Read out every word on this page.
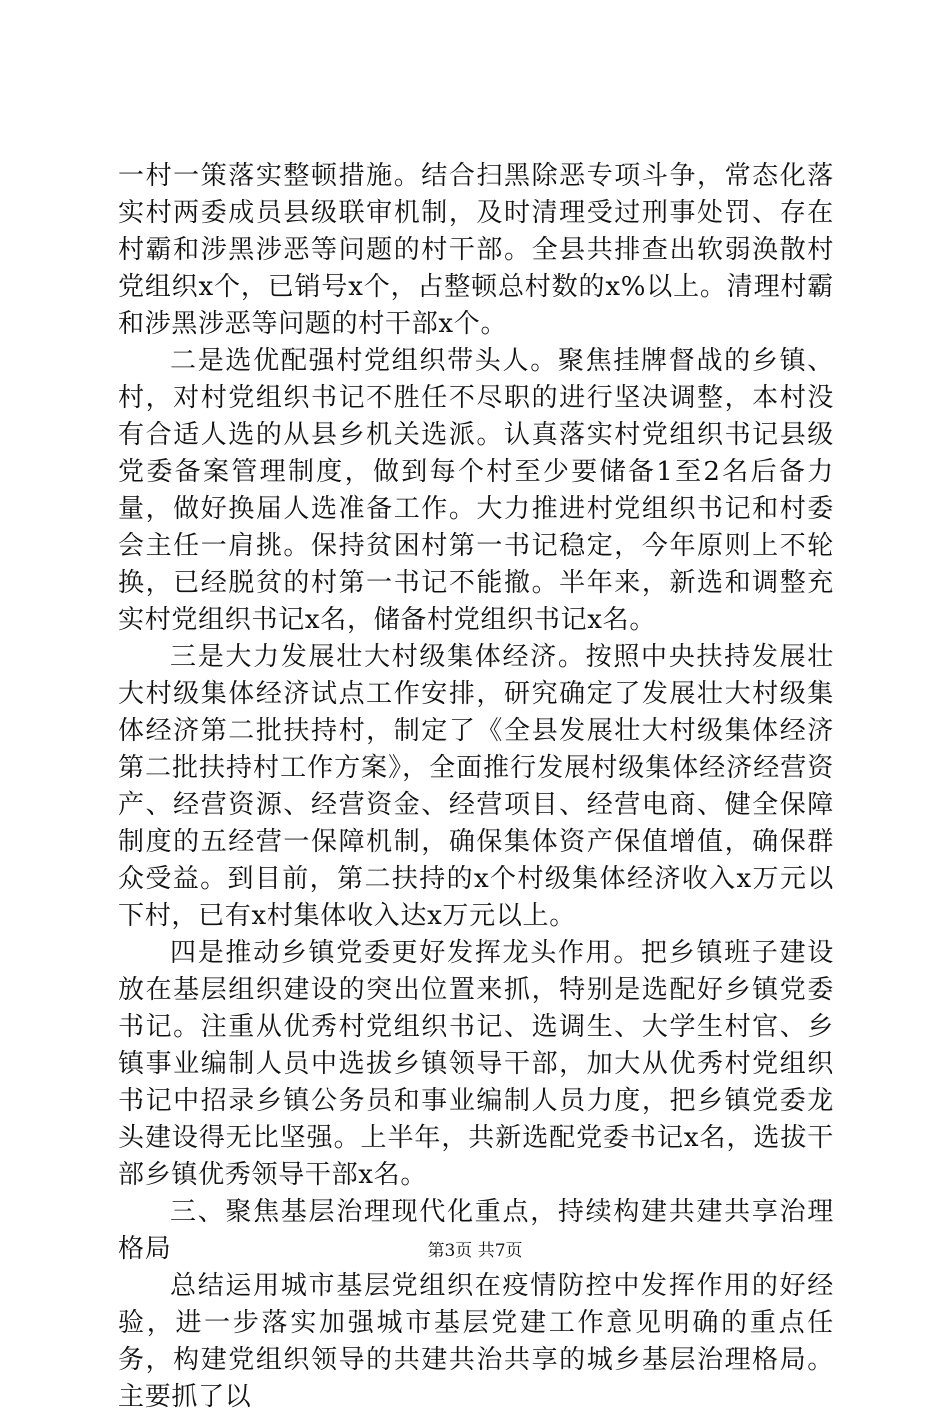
一村一策落实整顿措施。结合扫黑除恶专项斗争，常态化落实村两委成员县级联审机制，及时清理受过刑事处罚、存在村霸和涉黑涉恶等问题的村干部。全县共排查出软弱涣散村党组织x个，已销号x个，占整顿总村数的x%以上。清理村霸和涉黑涉恶等问题的村干部x个。

二是选优配强村党组织带头人。聚焦挂牌督战的乡镇、村，对村党组织书记不胜任不尽职的进行坚决调整，本村没有合适人选的从县乡机关选派。认真落实村党组织书记县级党委备案管理制度，做到每个村至少要储备1至2名后备力量，做好换届人选准备工作。大力推进村党组织书记和村委会主任一肩挑。保持贫困村第一书记稳定，今年原则上不轮换，已经脱贫的村第一书记不能撤。半年来，新选和调整充实村党组织书记x名，储备村党组织书记x名。

三是大力发展壮大村级集体经济。按照中央扶持发展壮大村级集体经济试点工作安排，研究确定了发展壮大村级集体经济第二批扶持村，制定了《全县发展壮大村级集体经济第二批扶持村工作方案》，全面推行发展村级集体经济经营资产、经营资源、经营资金、经营项目、经营电商、健全保障制度的五经营一保障机制，确保集体资产保值增值，确保群众受益。到目前，第二扶持的x个村级集体经济收入x万元以下村，已有x村集体收入达x万元以上。

四是推动乡镇党委更好发挥龙头作用。把乡镇班子建设放在基层组织建设的突出位置来抓，特别是选配好乡镇党委书记。注重从优秀村党组织书记、选调生、大学生村官、乡镇事业编制人员中选拔乡镇领导干部，加大从优秀村党组织书记中招录乡镇公务员和事业编制人员力度，把乡镇党委龙头建设得无比坚强。上半年，共新选配党委书记x名，选拔干部乡镇优秀领导干部x名。

三、聚焦基层治理现代化重点，持续构建共建共享治理格局

总结运用城市基层党组织在疫情防控中发挥作用的好经验，进一步落实加强城市基层党建工作意见明确的重点任务，构建党组织领导的共建共治共享的城乡基层治理格局。主要抓了以

第3页 共7页
